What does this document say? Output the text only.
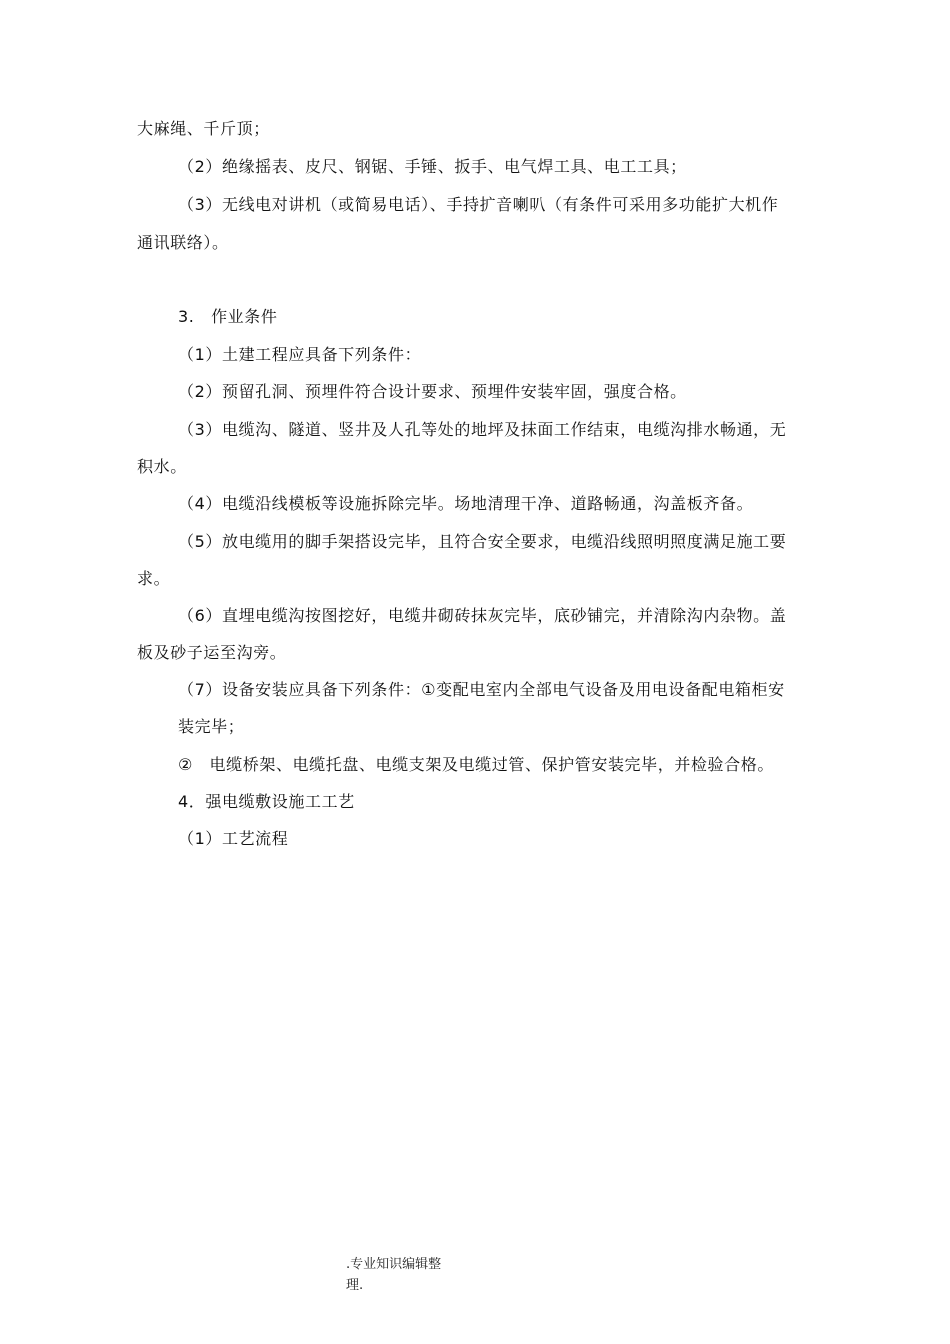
大麻绳、千斤顶；
（2）绝缘摇表、皮尺、钢锯、手锤、扳手、电气焊工具、电工工具；
（3）无线电对讲机（或简易电话）、手持扩音喇叭（有条件可采用多功能扩大机作
通讯联络）。
3.　作业条件
（1）土建工程应具备下列条件：
（2）预留孔洞、预埋件符合设计要求、预埋件安装牢固，强度合格。
（3）电缆沟、隧道、竖井及人孔等处的地坪及抹面工作结束，电缆沟排水畅通，无
积水。
（4）电缆沿线模板等设施拆除完毕。场地清理干净、道路畅通，沟盖板齐备。
（5）放电缆用的脚手架搭设完毕，且符合安全要求，电缆沿线照明照度满足施工要
求。
（6）直埋电缆沟按图挖好，电缆井砌砖抹灰完毕，底砂铺完，并清除沟内杂物。盖
板及砂子运至沟旁。
（7）设备安装应具备下列条件：①变配电室内全部电气设备及用电设备配电箱柜安
装完毕；
②　电缆桥架、电缆托盘、电缆支架及电缆过管、保护管安装完毕，并检验合格。
4．强电缆敷设施工工艺
（1）工艺流程
.专业知识编辑整
理.
